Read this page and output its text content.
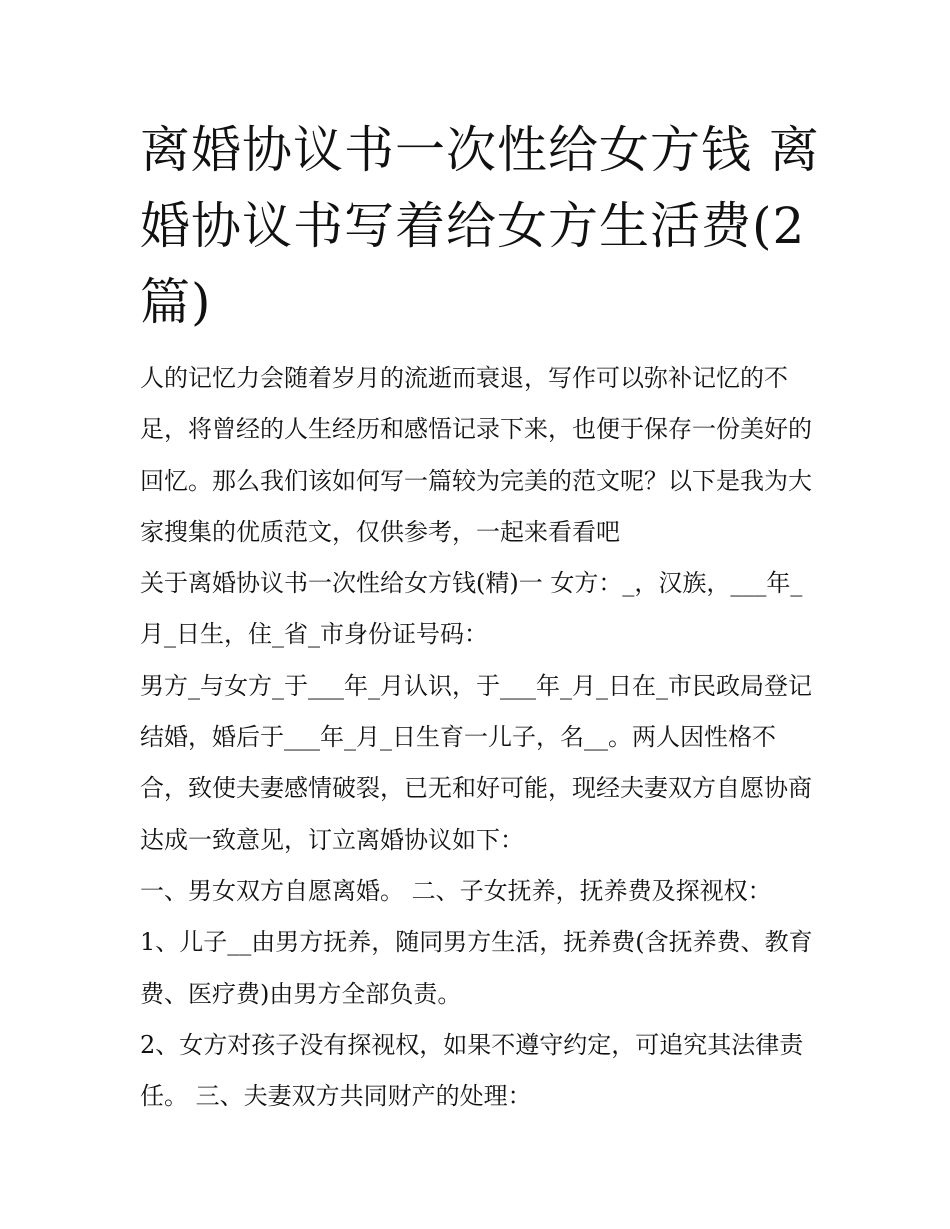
离婚协议书一次性给女方钱 离婚协议书写着给女方生活费(2篇)

人的记忆力会随着岁月的流逝而衰退，写作可以弥补记忆的不足，将曾经的人生经历和感悟记录下来，也便于保存一份美好的回忆。那么我们该如何写一篇较为完美的范文呢？以下是我为大家搜集的优质范文，仅供参考，一起来看看吧

关于离婚协议书一次性给女方钱(精)一 女方：_，汉族，___年_月_日生，住_省_市身份证号码：

男方_与女方_于___年_月认识，于___年_月_日在_市民政局登记结婚，婚后于___年_月_日生育一儿子，名__。两人因性格不合，致使夫妻感情破裂，已无和好可能，现经夫妻双方自愿协商达成一致意见，订立离婚协议如下：

一、男女双方自愿离婚。 二、子女抚养，抚养费及探视权：

1、儿子__由男方抚养，随同男方生活，抚养费(含抚养费、教育费、医疗费)由男方全部负责。

2、女方对孩子没有探视权，如果不遵守约定，可追究其法律责任。 三、夫妻双方共同财产的处理：
